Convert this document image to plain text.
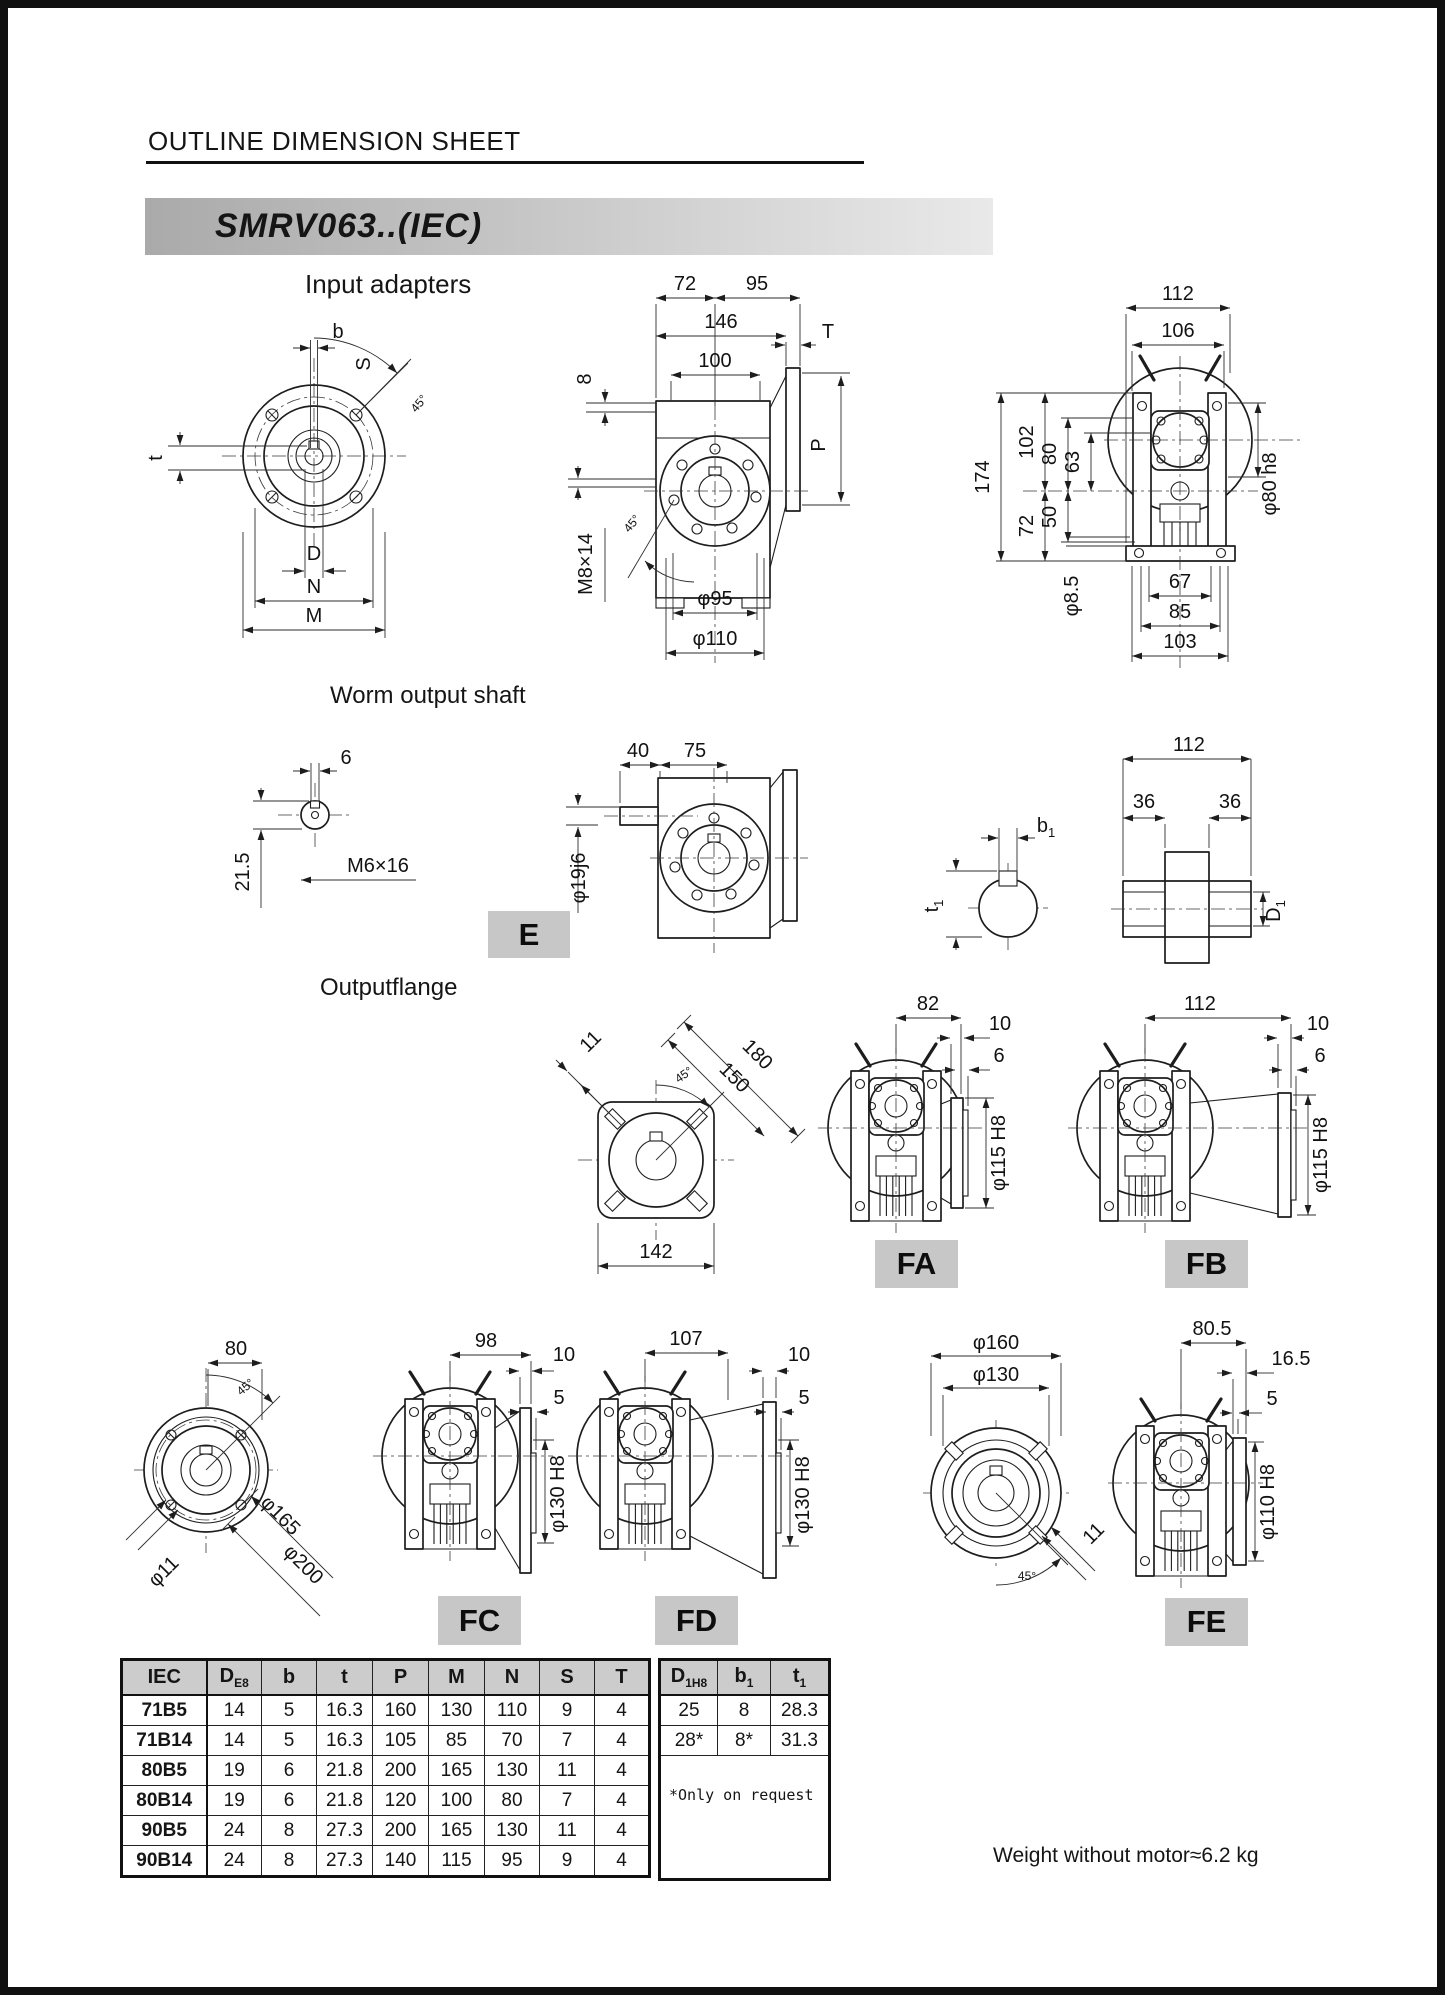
OUTLINE DIMENSION SHEET
SMRV063..(IEC)
Input adapters
Worm output shaft
Outputflange
b
S
45°
t
D
N
M
72 95
146
100
T
P
8
45°
M8×14
φ95
φ110
112
106
174
102
72
80
50
63	φ80 h8
φ8.5	67
85
103
6
21.5	M6×16
40 75
φ19j6
$b_1$
$t_1$
112
36	36
$D_1$
11	180
150
45°
142
82
10
6
φ115 H8
112
10
6
φ115 H8
80
45°
φ11
φ165
φ200
98
10
5
φ130 H8
107
10
5
φ130 H8
φ160
φ130
11
45°
80.5
16.5
5
φ110 H8
E
FA	FB
FC	FD	FE
IEC	$D_{E8}$	b	t	P	M	N	S	T
71B5	14	5	16.3	160	130	110	9	4
71B14	14	5	16.3	105	85	70	7	4
80B5	19	6	21.8	200	165	130	11	4
80B14	19	6	21.8	120	100	80	7	4
90B5	24	8	27.3	200	165	130	11	4
90B14	24	8	27.3	140	115	95	9	4
$D_{1H8}$	$b_1$	$t_1$
25	8	28.3
28*	8*	31.3
*Only on request		
Weight without motor≈6.2 kg
